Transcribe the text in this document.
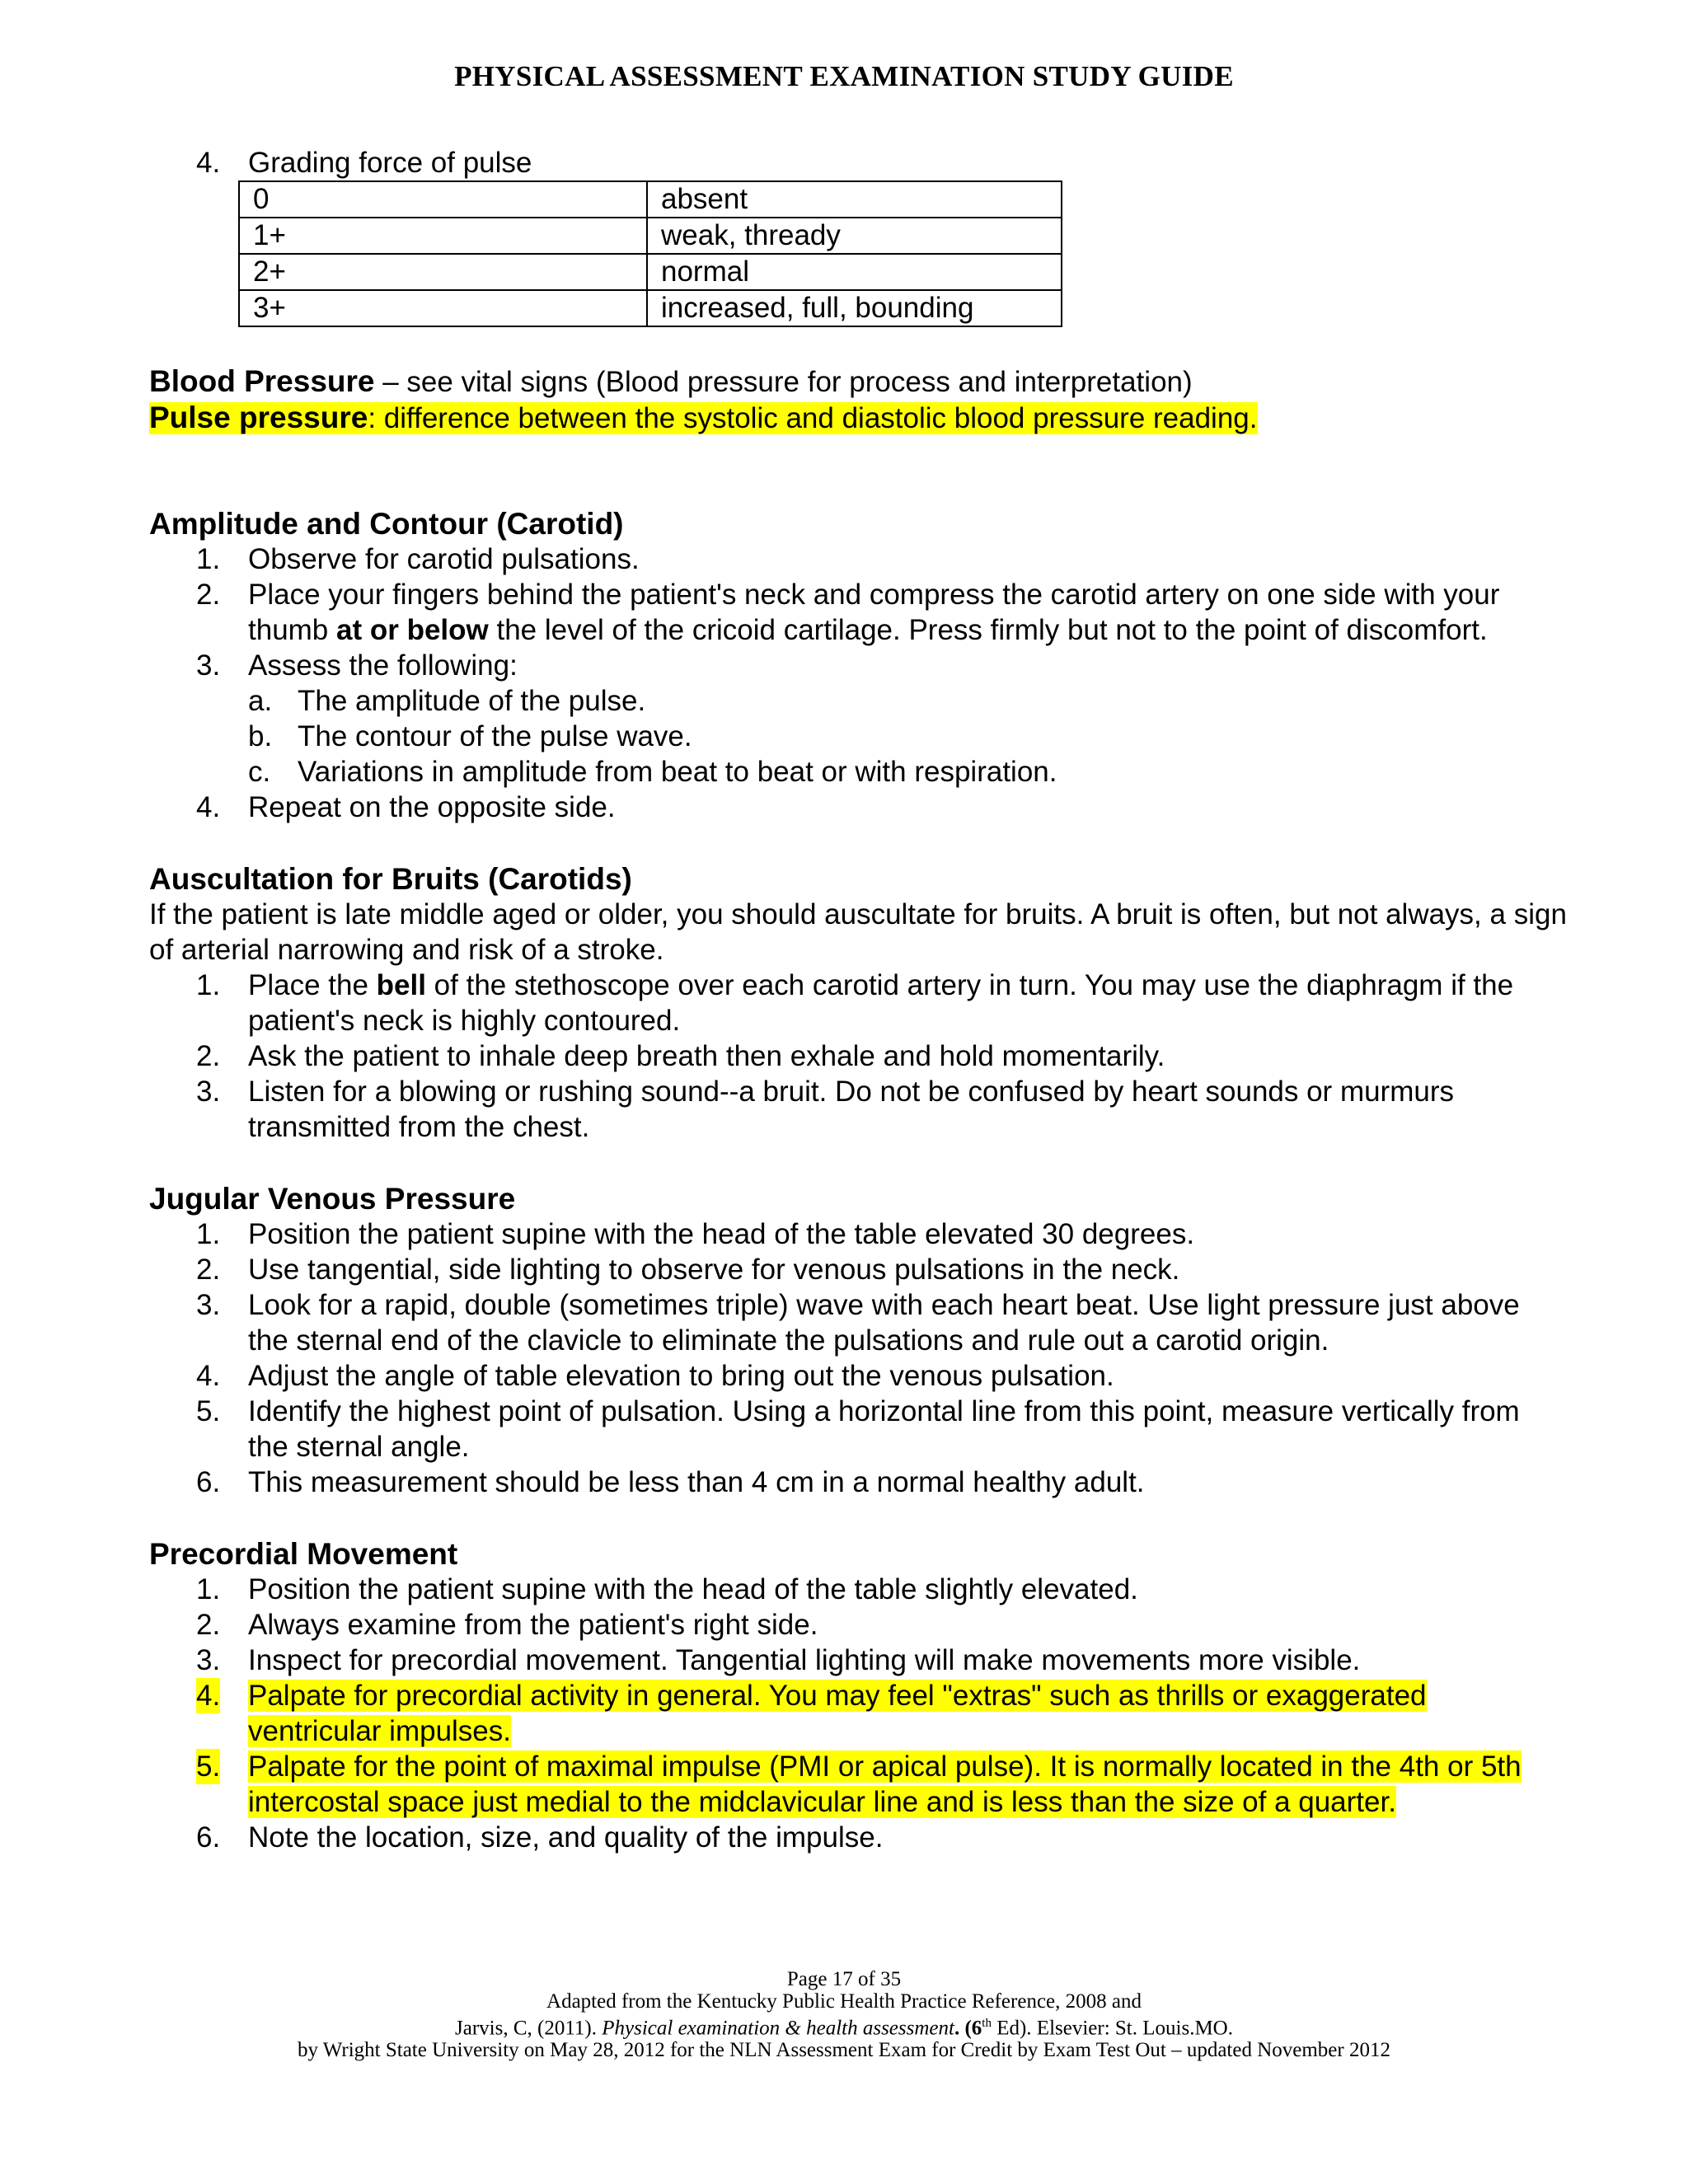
PHYSICAL ASSESSMENT EXAMINATION STUDY GUIDE
4. Grading force of pulse
0	absent
1+	weak, thready
2+	normal
3+	increased, full, bounding
Blood Pressure – see vital signs (Blood pressure for process and interpretation)
Pulse pressure: difference between the systolic and diastolic blood pressure reading.
Amplitude and Contour (Carotid)
1. Observe for carotid pulsations.
2. Place your fingers behind the patient's neck and compress the carotid artery on one side with your thumb at or below the level of the cricoid cartilage. Press firmly but not to the point of discomfort.
3. Assess the following:
a. The amplitude of the pulse.
b. The contour of the pulse wave.
c. Variations in amplitude from beat to beat or with respiration.
4. Repeat on the opposite side.
Auscultation for Bruits (Carotids)
If the patient is late middle aged or older, you should auscultate for bruits. A bruit is often, but not always, a sign of arterial narrowing and risk of a stroke.
1. Place the bell of the stethoscope over each carotid artery in turn. You may use the diaphragm if the patient's neck is highly contoured.
2. Ask the patient to inhale deep breath then exhale and hold momentarily.
3. Listen for a blowing or rushing sound--a bruit. Do not be confused by heart sounds or murmurs transmitted from the chest.
Jugular Venous Pressure
1. Position the patient supine with the head of the table elevated 30 degrees.
2. Use tangential, side lighting to observe for venous pulsations in the neck.
3. Look for a rapid, double (sometimes triple) wave with each heart beat. Use light pressure just above the sternal end of the clavicle to eliminate the pulsations and rule out a carotid origin.
4. Adjust the angle of table elevation to bring out the venous pulsation.
5. Identify the highest point of pulsation. Using a horizontal line from this point, measure vertically from the sternal angle.
6. This measurement should be less than 4 cm in a normal healthy adult.
Precordial Movement
1. Position the patient supine with the head of the table slightly elevated.
2. Always examine from the patient's right side.
3. Inspect for precordial movement. Tangential lighting will make movements more visible.
4. Palpate for precordial activity in general. You may feel "extras" such as thrills or exaggerated ventricular impulses.
5. Palpate for the point of maximal impulse (PMI or apical pulse). It is normally located in the 4th or 5th intercostal space just medial to the midclavicular line and is less than the size of a quarter.
6. Note the location, size, and quality of the impulse.
Page 17 of 35
Adapted from the Kentucky Public Health Practice Reference, 2008 and
Jarvis, C, (2011). Physical examination & health assessment. (6th Ed). Elsevier: St. Louis.MO.
by Wright State University on May 28, 2012 for the NLN Assessment Exam for Credit by Exam Test Out – updated November 2012
